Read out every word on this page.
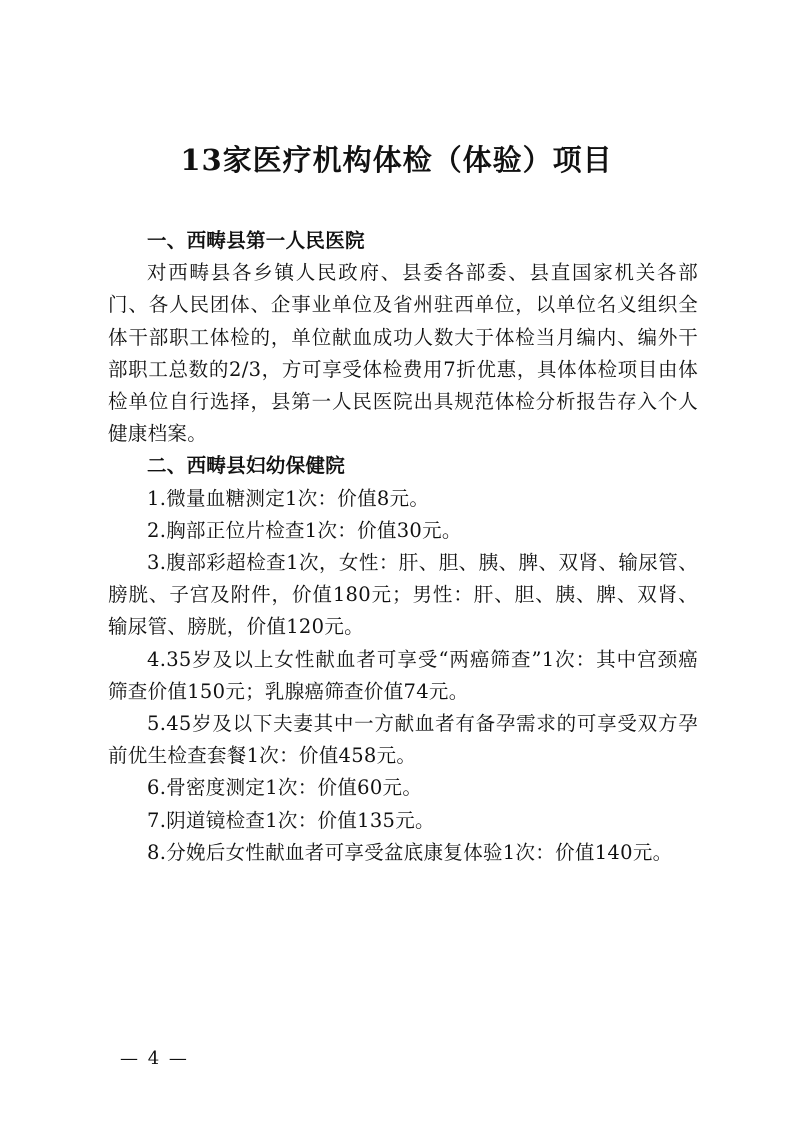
13家医疗机构体检（体验）项目

一、西畴县第一人民医院

对西畴县各乡镇人民政府、县委各部委、县直国家机关各部门、各人民团体、企事业单位及省州驻西单位，以单位名义组织全体干部职工体检的，单位献血成功人数大于体检当月编内、编外干部职工总数的2/3，方可享受体检费用7折优惠，具体体检项目由体检单位自行选择，县第一人民医院出具规范体检分析报告存入个人健康档案。

二、西畴县妇幼保健院

1.微量血糖测定1次：价值8元。

2.胸部正位片检查1次：价值30元。

3.腹部彩超检查1次，女性：肝、胆、胰、脾、双肾、输尿管、膀胱、子宫及附件，价值180元；男性：肝、胆、胰、脾、双肾、输尿管、膀胱，价值120元。

4.35岁及以上女性献血者可享受“两癌筛查”1次：其中宫颈癌筛查价值150元；乳腺癌筛查价值74元。

5.45岁及以下夫妻其中一方献血者有备孕需求的可享受双方孕前优生检查套餐1次：价值458元。

6.骨密度测定1次：价值60元。

7.阴道镜检查1次：价值135元。

8.分娩后女性献血者可享受盆底康复体验1次：价值140元。

— 4 —
